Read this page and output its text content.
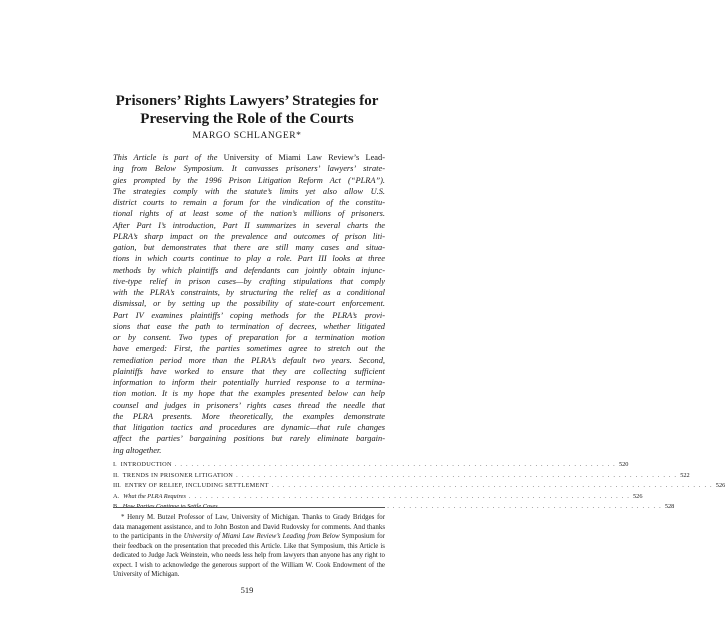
Prisoners’ Rights Lawyers’ Strategies for
Preserving the Role of the Courts
MARGO SCHLANGER*
This Article is part of the University of Miami Law Review’s Lead-
ing from Below Symposium. It canvasses prisoners’ lawyers’ strate-
gies prompted by the 1996 Prison Litigation Reform Act (“PLRA”).
The strategies comply with the statute’s limits yet also allow U.S.
district courts to remain a forum for the vindication of the constitu-
tional rights of at least some of the nation’s millions of prisoners.
After Part I’s introduction, Part II summarizes in several charts the
PLRA’s sharp impact on the prevalence and outcomes of prison liti-
gation, but demonstrates that there are still many cases and situa-
tions in which courts continue to play a role. Part III looks at three
methods by which plaintiffs and defendants can jointly obtain injunc-
tive-type relief in prison cases—by crafting stipulations that comply
with the PLRA’s constraints, by structuring the relief as a conditional
dismissal, or by setting up the possibility of state-court enforcement.
Part IV examines plaintiffs’ coping methods for the PLRA’s provi-
sions that ease the path to termination of decrees, whether litigated
or by consent. Two types of preparation for a termination motion
have emerged: First, the parties sometimes agree to stretch out the
remediation period more than the PLRA’s default two years. Second,
plaintiffs have worked to ensure that they are collecting sufficient
information to inform their potentially hurried response to a termina-
tion motion. It is my hope that the examples presented below can help
counsel and judges in prisoners’ rights cases thread the needle that
the PLRA presents. More theoretically, the examples demonstrate
that litigation tactics and procedures are dynamic—that rule changes
affect the parties’ bargaining positions but rarely eliminate bargain-
ing altogether.
I. INTRODUCTION . . . . . . . . . . . . . . . . . . . . . . . . . . . . . . . . . . . . . . . . . . . . . . . . . . . . . . . . . . . . . . . . . . . . . . . . . . . . . . . . 520
II. TRENDS IN PRISONER LITIGATION . . . . . . . . . . . . . . . . . . . . . . . . . . . . . . . . . . . . . . . . . . . . . . . . . . . . . . . . . . . . . . . . . . . . . . . . . . . . . . . . 522
III. ENTRY OF RELIEF, INCLUDING SETTLEMENT . . . . . . . . . . . . . . . . . . . . . . . . . . . . . . . . . . . . . . . . . . . . . . . . . . . . . . . . . . . . . . . . . . . . . . . . . . . . . . . . 526
A. What the PLRA Requires . . . . . . . . . . . . . . . . . . . . . . . . . . . . . . . . . . . . . . . . . . . . . . . . . . . . . . . . . . . . . . . . . . . . . . . . . . . . . . . . 526
B. How Parties Continue to Settle Cases . . . . . . . . . . . . . . . . . . . . . . . . . . . . . . . . . . . . . . . . . . . . . . . . . . . . . . . . . . . . . . . . . . . . . . . . . . . . . . . . 528
* Henry M. Butzel Professor of Law, University of Michigan. Thanks to Grady Bridges for
data management assistance, and to John Boston and David Rudovsky for comments. And thanks
to the participants in the University of Miami Law Review’s Leading from Below Symposium for
their feedback on the presentation that preceded this Article. Like that Symposium, this Article is
dedicated to Judge Jack Weinstein, who needs less help from lawyers than anyone has any right to
expect. I wish to acknowledge the generous support of the William W. Cook Endowment of the
University of Michigan.
519
